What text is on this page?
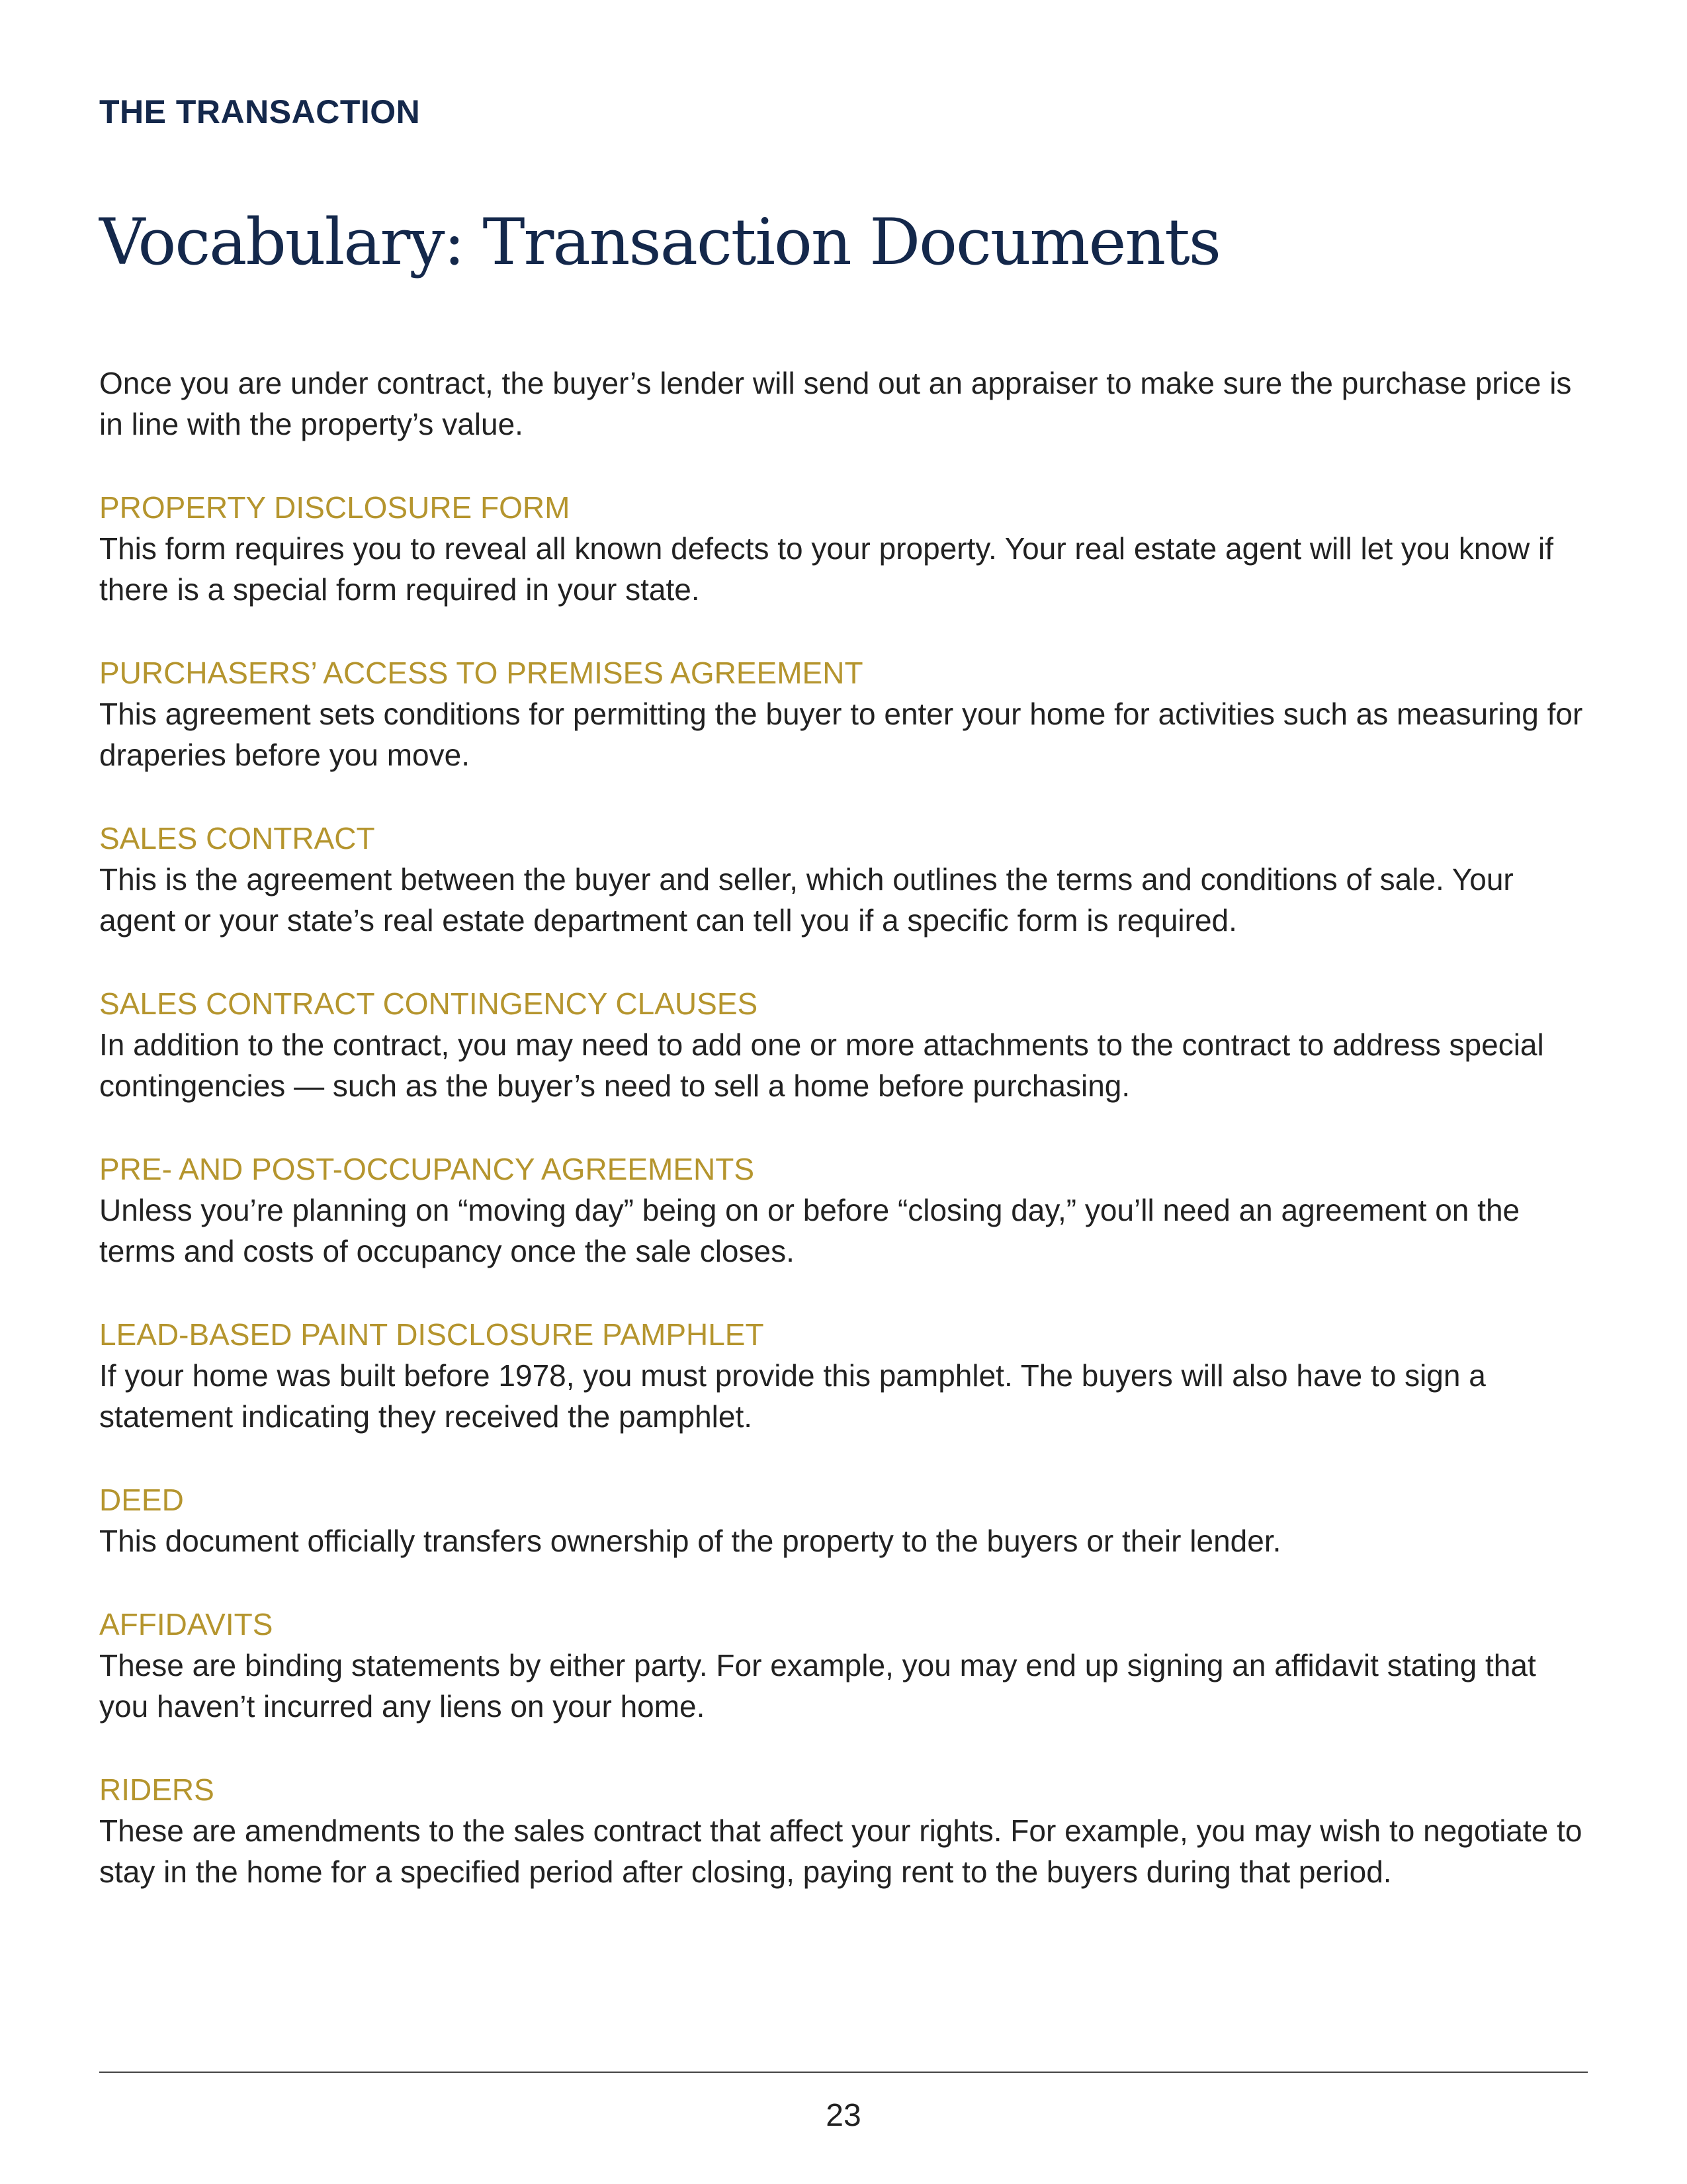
THE TRANSACTION
Vocabulary: Transaction Documents

Once you are under contract, the buyer’s lender will send out an appraiser to make sure the purchase price is in line with the property’s value.

PROPERTY DISCLOSURE FORM

This form requires you to reveal all known defects to your property. Your real estate agent will let you know if there is a special form required in your state.

PURCHASERS’ ACCESS TO PREMISES AGREEMENT

This agreement sets conditions for permitting the buyer to enter your home for activities such as measuring for draperies before you move.

SALES CONTRACT

This is the agreement between the buyer and seller, which outlines the terms and conditions of sale. Your agent or your state’s real estate department can tell you if a specific form is required.

SALES CONTRACT CONTINGENCY CLAUSES

In addition to the contract, you may need to add one or more attachments to the contract to address special contingencies — such as the buyer’s need to sell a home before purchasing.

PRE- AND POST-OCCUPANCY AGREEMENTS

Unless you’re planning on “moving day” being on or before “closing day,” you’ll need an agreement on the terms and costs of occupancy once the sale closes.

LEAD-BASED PAINT DISCLOSURE PAMPHLET

If your home was built before 1978, you must provide this pamphlet. The buyers will also have to sign a statement indicating they received the pamphlet.

DEED

This document officially transfers ownership of the property to the buyers or their lender.

AFFIDAVITS

These are binding statements by either party. For example, you may end up signing an affidavit stating that you haven’t incurred any liens on your home.

RIDERS

These are amendments to the sales contract that affect your rights. For example, you may wish to negotiate to stay in the home for a specified period after closing, paying rent to the buyers during that period.

23
